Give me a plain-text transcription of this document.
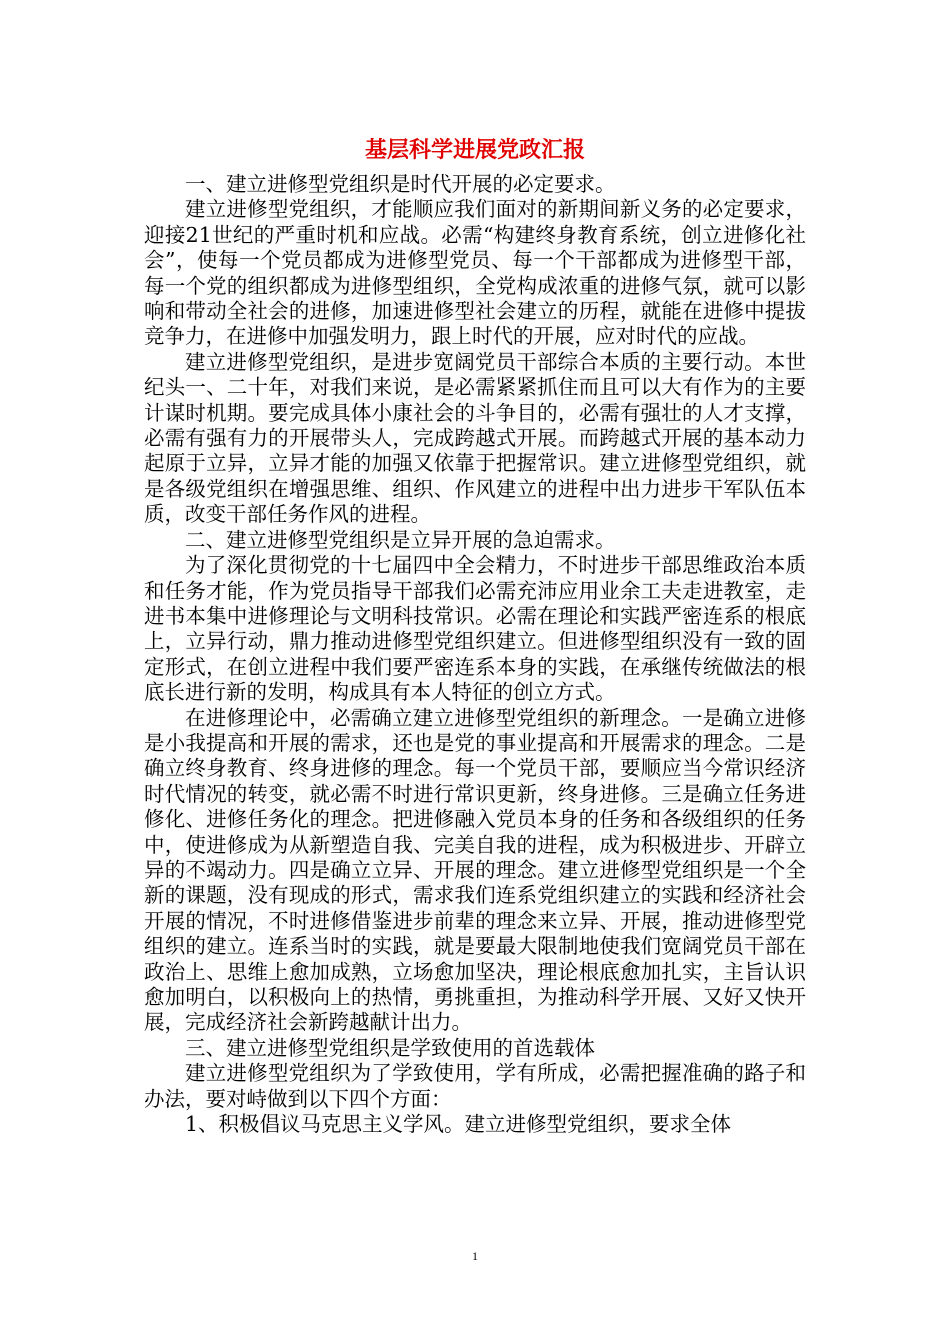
基层科学进展党政汇报

一、建立进修型党组织是时代开展的必定要求。

建立进修型党组织，才能顺应我们面对的新期间新义务的必定要求，迎接21世纪的严重时机和应战。必需“构建终身教育系统，创立进修化社会”，使每一个党员都成为进修型党员、每一个干部都成为进修型干部，每一个党的组织都成为进修型组织，全党构成浓重的进修气氛，就可以影响和带动全社会的进修，加速进修型社会建立的历程，就能在进修中提拔竞争力，在进修中加强发明力，跟上时代的开展，应对时代的应战。

建立进修型党组织，是进步宽阔党员干部综合本质的主要行动。本世纪头一、二十年，对我们来说，是必需紧紧抓住而且可以大有作为的主要计谋时机期。要完成具体小康社会的斗争目的，必需有强壮的人才支撑，必需有强有力的开展带头人，完成跨越式开展。而跨越式开展的基本动力起原于立异，立异才能的加强又依靠于把握常识。建立进修型党组织，就是各级党组织在增强思维、组织、作风建立的进程中出力进步干军队伍本质，改变干部任务作风的进程。

二、建立进修型党组织是立异开展的急迫需求。

为了深化贯彻党的十七届四中全会精力，不时进步干部思维政治本质和任务才能，作为党员指导干部我们必需充沛应用业余工夫走进教室，走进书本集中进修理论与文明科技常识。必需在理论和实践严密连系的根底上，立异行动，鼎力推动进修型党组织建立。但进修型组织没有一致的固定形式，在创立进程中我们要严密连系本身的实践，在承继传统做法的根底长进行新的发明，构成具有本人特征的创立方式。

在进修理论中，必需确立建立进修型党组织的新理念。一是确立进修是小我提高和开展的需求，还也是党的事业提高和开展需求的理念。二是确立终身教育、终身进修的理念。每一个党员干部，要顺应当今常识经济时代情况的转变，就必需不时进行常识更新，终身进修。三是确立任务进修化、进修任务化的理念。把进修融入党员本身的任务和各级组织的任务中，使进修成为从新塑造自我、完美自我的进程，成为积极进步、开辟立异的不竭动力。四是确立立异、开展的理念。建立进修型党组织是一个全新的课题，没有现成的形式，需求我们连系党组织建立的实践和经济社会开展的情况，不时进修借鉴进步前辈的理念来立异、开展，推动进修型党组织的建立。连系当时的实践，就是要最大限制地使我们宽阔党员干部在政治上、思维上愈加成熟，立场愈加坚决，理论根底愈加扎实，主旨认识愈加明白，以积极向上的热情，勇挑重担，为推动科学开展、又好又快开展，完成经济社会新跨越献计出力。

三、建立进修型党组织是学致使用的首选载体

建立进修型党组织为了学致使用，学有所成，必需把握准确的路子和办法，要对峙做到以下四个方面：

1、积极倡议马克思主义学风。建立进修型党组织，要求全体

1
